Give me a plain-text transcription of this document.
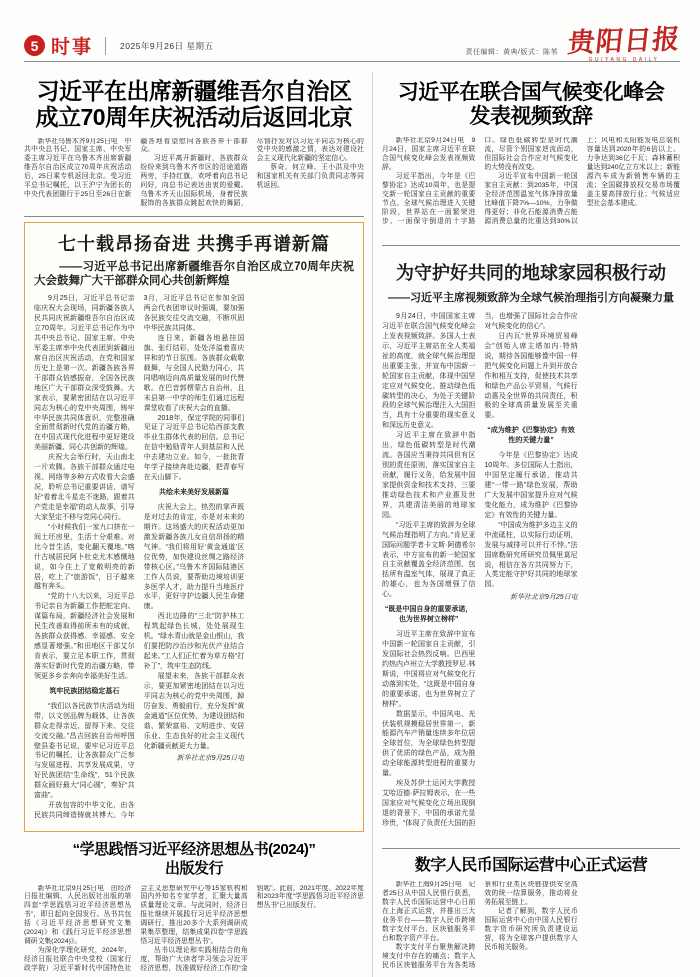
5 时事	2025年9月26日 星期五
责任编辑：黄典/版式：陈苇 贵阳日报
GUIYANG DAILY
习近平在出席新疆维吾尔自治区
成立70周年庆祝活动后返回北京

新华社乌鲁木齐9月25日电　中共中央总书记、国家主席、中央军委主席习近平在乌鲁木齐出席新疆维吾尔自治区成立70周年庆祝活动后，25日乘专机返回北京。受习近平总书记嘱托，以王沪宁为团长的中央代表团随行于25日至26日在新疆各地看望慰问各族各界干部群众。

习近平离开新疆时，各族群众纷纷来到乌鲁木齐市区的沿途道路两旁，手持红旗，欢呼着向总书记问好，向总书记表达由衷的爱戴。乌鲁木齐天山国际机场，身着民族服饰的各族群众跳起欢快的舞蹈，尽情抒发对以习近平同志为核心的党中央的感激之情，表达对建设社会主义现代化新疆的坚定信心。

蔡奇、何立峰、王小洪及中央和国家机关有关部门负责同志等同机返回。

七十载昂扬奋进 共携手再谱新篇
——习近平总书记出席新疆维吾尔自治区成立70周年庆祝大会鼓舞广大干部群众同心共创新辉煌

9月25日，习近平总书记亲临庆祝大会现场，同新疆各族人民共同庆祝新疆维吾尔自治区成立70周年。习近平总书记作为中共中央总书记、国家主席、中央军委主席率中央代表团到新疆出席自治区庆祝活动，在党和国家历史上是第一次。新疆各族各界干部群众倍感振奋，全国各民族地区广大干部群众深受鼓舞。大家表示，要紧密团结在以习近平同志为核心的党中央周围，铸牢中华民族共同体意识，完整准确全面贯彻新时代党的治疆方略，在中国式现代化进程中更好建设美丽新疆、同心共创新的辉煌。

庆祝大会举行时，天山南北一片欢腾。各族干部群众通过电视、网络等多种方式收看大会盛况，聆听总书记重要讲话，谱写好“看着北斗星走不迷路，跟着共产党走是幸福”的动人故事，引导大家坚定不移与党同心同行。

“小时候我们一家九口挤在一间土坯房里，生活十分艰难。对比今昔生活，变化翻天覆地。”喀什古城居民阿卜杜克尤木感慨地说，如今住上了宽敞明亮的新居，吃上了“旅游饭”，日子越来越有奔头。

“党的十八大以来，习近平总书记亲自为新疆工作把舵定向、谋篇布局，新疆经济社会发展和民生改善取得前所未有的成就，各族群众获得感、幸福感、安全感显著增强。”和田地区干部艾尔肯表示，要立足本职工作，贯彻落实好新时代党的治疆方略，带领更多乡亲奔向幸福美好生活。

筑牢民族团结稳定基石

“我们以各民族节庆活动为纽带，以文创品牌为载体，让各族群众走得亲近、留得下来、交往交流交融。”昌吉回族自治州呼图壁县委书记说，要牢记习近平总书记的嘱托，让各族群众广泛参与发展进程、共享发展成果，守好民族团结“生命线”，51个民族群众画好最大“同心圆”，奏好“共富曲”。

开放包容的中华文化，由各民族共同缔造铸就其博大。今年3月，习近平总书记在参加全国两会代表团审议时强调，要加强各民族交往交流交融，不断巩固中华民族共同体。

连日来，新疆各地悬挂国旗、张灯结彩，处处洋溢着喜庆祥和的节日氛围。各族群众载歌载舞，与全国人民勠力同心，共同唱响迈向高质量发展的时代赞歌。在巴音郭楞蒙古自治州，且末县第一中学的师生们通过远程课堂收看了庆祝大会的直播。

2018年，保定学院的同事们见证了习近平总书记给西部支教毕业生群体代表的回信。总书记在信中勉励青年人到基层和人民中去建功立业。如今，一批批青年学子接续奔赴边疆，把青春写在天山脚下。

共绘未来美好发展新篇

庆祝大会上，热烈的掌声既是对过去的肯定，亦是对未来的期许。这场盛大的庆祝活动更加激发新疆各族儿女自信昂扬的精气神。“我们将用好‘黄金通道’区位优势，加快建设丝绸之路经济带核心区。”乌鲁木齐国际陆港区工作人员说，要帮助边境培训更多医学人才，助力提升当地医疗水平，更好守护边疆人民生命健康。

西北边陲的“三北”防护林工程筑起绿色长城，处处展现生机。“绿水青山就是金山银山，我们要把防沙治沙和光伏产业结合起来。”工人们正忙着为草方格“打补丁”，筑牢生态防线。

展望未来，各族干部群众表示，要更加紧密地团结在以习近平同志为核心的党中央周围，踔厉奋发、勇毅前行，充分发挥“黄金通道”区位优势，为建设团结和谐、繁荣富裕、文明进步、安居乐业、生态良好的社会主义现代化新疆贡献更大力量。

新华社北京9月25日电

“学思践悟习近平经济思想丛书(2024)”
出版发行

新华社北京9月25日电　由经济日报社编辑、人民出版社出版的第四套“学思践悟习近平经济思想丛书”，即日起向全国发行。丛书共包括《习近平经济思想研究文集(2024)》和《践行习近平经济思想调研文集(2024)》。

为深化学理化研究，2024年，经济日报社联合中央党校（国家行政学院）习近平新时代中国特色社会主义思想研究中心等15家机构和国内外知名专家学者，汇聚大量高质量理论文章。与此同时，经济日报社继续开展践行习近平经济思想调研行，推出20多个大系列调研成果集萃整理，结集成果四卷“学思践悟习近平经济思想丛书”。

丛书以理论和实践相结合的角度，帮助广大读者学习领会习近平经济思想，找准做好经济工作的“金钥匙”。此前，2021年度、2022年度和2023年度“学思践悟习近平经济思想丛书”已出版发行。

习近平在联合国气候变化峰会
发表视频致辞

新华社北京9月24日电　9月24日，国家主席习近平在联合国气候变化峰会发表视频致辞。

习近平指出，今年是《巴黎协定》达成10周年，也是提交新一轮国家自主贡献的重要节点。全球气候治理进入关键阶段，世界站在一面繁荣进步、一面保守倒退的十字路口。绿色低碳转型是时代潮流，尽管个别国家逆流而动，但国际社会合作应对气候变化的大势没有改变。

习近平宣布中国新一轮国家自主贡献：到2035年，中国全经济范围温室气体净排放量比峰值下降7%—10%，力争做得更好；非化石能源消费占能源消费总量的比重达到30%以上；风电和太阳能发电总装机容量达到2020年的6倍以上、力争达到36亿千瓦；森林蓄积量达到240亿立方米以上；新能源汽车成为新销售车辆的主流；全国碳排放权交易市场覆盖主要高排放行业；气候适应型社会基本建成。

为守护好共同的地球家园积极行动
——习近平主席视频致辞为全球气候治理指引方向凝聚力量

9月24日，中国国家主席习近平在联合国气候变化峰会上发表视频致辞。多国人士表示，习近平主席站在全人类福祉的高度，就全球气候治理提出重要主张，并宣布中国新一轮国家自主贡献，体现中国坚定应对气候变化、推动绿色低碳转型的决心，为处于关键阶段的全球气候治理注入大国担当，具有十分重要的现实意义和深远历史意义。

习近平主席在致辞中指出，绿色低碳转型是时代潮流。各国应当秉持共同但有区别的责任原则，落实国家自主贡献，履行义务，给发展中国家提供资金和技术支持，三要推动绿色技术和产业惠及世界，共建清洁美丽的地球家园。

“习近平主席的致辞为全球气候治理指明了方向。”肯尼亚国际问题学者卡文斯·阿德希尔表示，中方宣布的新一轮国家自主贡献覆盖全经济范围、包括所有温室气体，展现了真正的雄心，也为各国增强了信心。

“既是中国自身的重要承诺，也为世界树立榜样”

习近平主席在致辞中宣布中国新一轮国家自主贡献，引发国际社会热烈反响。巴西里约热内卢州立大学教授罗尼·林斯说，中国将应对气候变化行动落到实处，“这既是中国自身的重要承诺，也为世界树立了榜样”。

数据显示，中国风电、光伏装机规模稳居世界第一，新能源汽车产销量连续多年位居全球首位，为全球绿色转型提供了优质的绿色产品，成为推动全球能源转型进程的重要力量。

埃及苏伊士运河大学教授艾哈迈德·萨拉姆表示，在一些国家应对气候变化立场出现倒退的背景下，中国的承诺尤显珍贵，“体现了负责任大国的担当，也增强了国际社会合作应对气候变化的信心”。

日内瓦“世界环境贸易峰会”创始人席主塔加内·特纳说，期待各国能够像中国一样把气候变化问题上升到开放合作和相互支持，促使技术共享和绿色产品公平贸易，气候行动惠及全世界的共同责任，积极的全球高质量发展至关重要。

“成为维护《巴黎协定》有效性的关键力量”

今年是《巴黎协定》达成10周年。多位国际人士指出，中国坚定履行承诺，推动共建“一带一路”绿色发展，帮助广大发展中国家提升应对气候变化能力，成为维护《巴黎协定》有效性的关键力量。

“中国成为维护多边主义的中流砥柱，以实际行动证明，发展与减排可以并行不悖。”法国席勒研究所研究员佩里莫尼说，相信在各方共同努力下，人类定能守护好共同的地球家园。

新华社北京9月25日电

数字人民币国际运营中心正式运营

新华社上海9月25日电　记者25日从中国人民银行获悉，数字人民币国际运营中心日前在上海正式运营，并推出三大业务平台——数字人民币跨境数字支付平台、区块链服务平台和数字资产平台。

数字支付平台聚焦解决跨境支付中存在的痛点；数字人民币区块链服务平台为各类场景和行业类区块链提供安全高效的统一结算服务，推动将业务拓展至链上。

记者了解到，数字人民币国际运营中心由中国人民银行数字货币研究所负责建设运营，将为全球客户提供数字人民币相关服务。
